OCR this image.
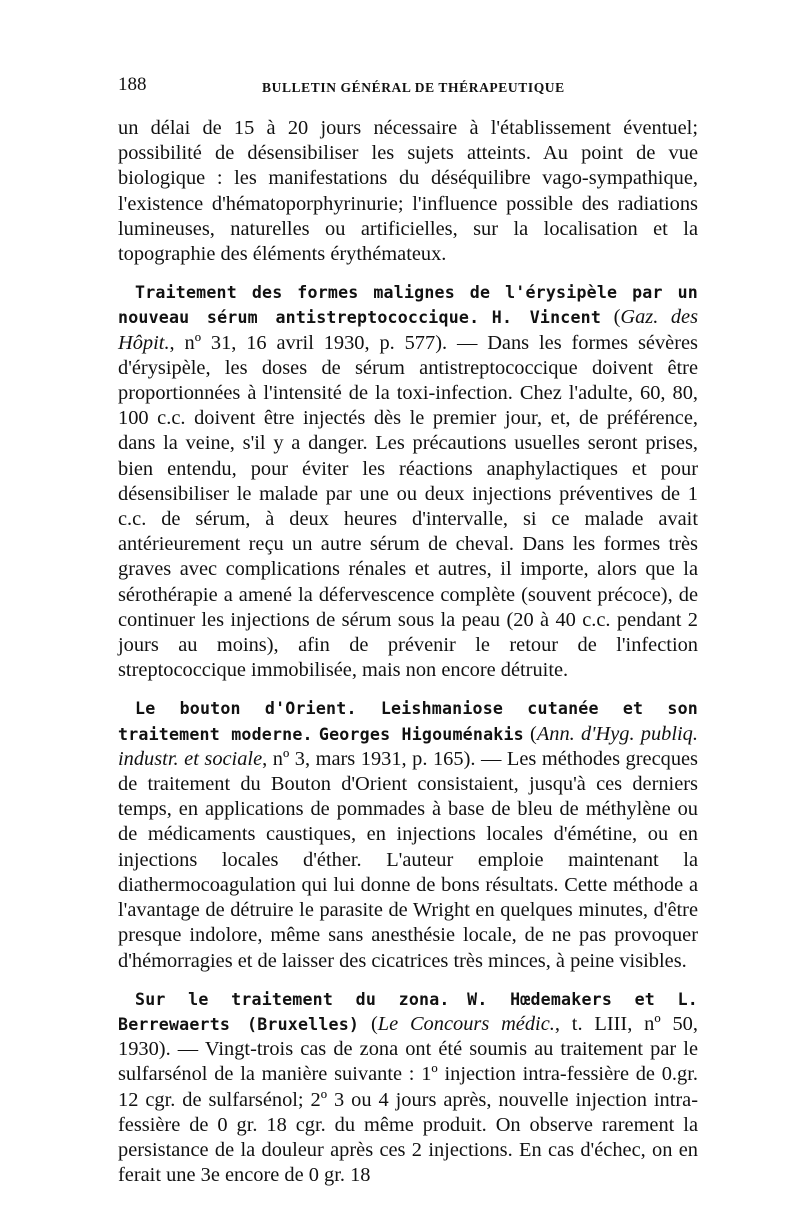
188	BULLETIN GÉNÉRAL DE THÉRAPEUTIQUE

un délai de 15 à 20 jours nécessaire à l'établissement éventuel; possibilité de désensibiliser les sujets atteints. Au point de vue biologique : les manifestations du déséquilibre vago-sympathique, l'existence d'hématoporphyrinurie; l'influence possible des radiations lumineuses, naturelles ou artificielles, sur la localisation et la topographie des éléments érythémateux.

Traitement des formes malignes de l'érysipèle par un nouveau sérum antistreptococcique. H. Vincent (Gaz. des Hôpit., nº 31, 16 avril 1930, p. 577). — Dans les formes sévères d'érysipèle, les doses de sérum antistreptococcique doivent être proportionnées à l'intensité de la toxi-infection. Chez l'adulte, 60, 80, 100 c.c. doivent être injectés dès le premier jour, et, de préférence, dans la veine, s'il y a danger. Les précautions usuelles seront prises, bien entendu, pour éviter les réactions anaphylactiques et pour désensibiliser le malade par une ou deux injections préventives de 1 c.c. de sérum, à deux heures d'intervalle, si ce malade avait antérieurement reçu un autre sérum de cheval. Dans les formes très graves avec complications rénales et autres, il importe, alors que la sérothérapie a amené la défervescence complète (souvent précoce), de continuer les injections de sérum sous la peau (20 à 40 c.c. pendant 2 jours au moins), afin de prévenir le retour de l'infection streptococcique immobilisée, mais non encore détruite.

Le bouton d'Orient. Leishmaniose cutanée et son traitement moderne. Georges Higouménakis (Ann. d'Hyg. publiq. industr. et sociale, nº 3, mars 1931, p. 165). — Les méthodes grecques de traitement du Bouton d'Orient consistaient, jusqu'à ces derniers temps, en applications de pommades à base de bleu de méthylène ou de médicaments caustiques, en injections locales d'émétine, ou en injections locales d'éther. L'auteur emploie maintenant la diathermocoagulation qui lui donne de bons résultats. Cette méthode a l'avantage de détruire le parasite de Wright en quelques minutes, d'être presque indolore, même sans anesthésie locale, de ne pas provoquer d'hémorragies et de laisser des cicatrices très minces, à peine visibles.

Sur le traitement du zona. W. Hœdemakers et L. Berrewaerts (Bruxelles) (Le Concours médic., t. LIII, nº 50, 1930). — Vingt-trois cas de zona ont été soumis au traitement par le sulfarsénol de la manière suivante : 1º injection intra-fessière de 0.gr. 12 cgr. de sulfarsénol; 2º 3 ou 4 jours après, nouvelle injection intra-fessière de 0 gr. 18 cgr. du même produit. On observe rarement la persistance de la douleur après ces 2 injections. En cas d'échec, on en ferait une 3e encore de 0 gr. 18
